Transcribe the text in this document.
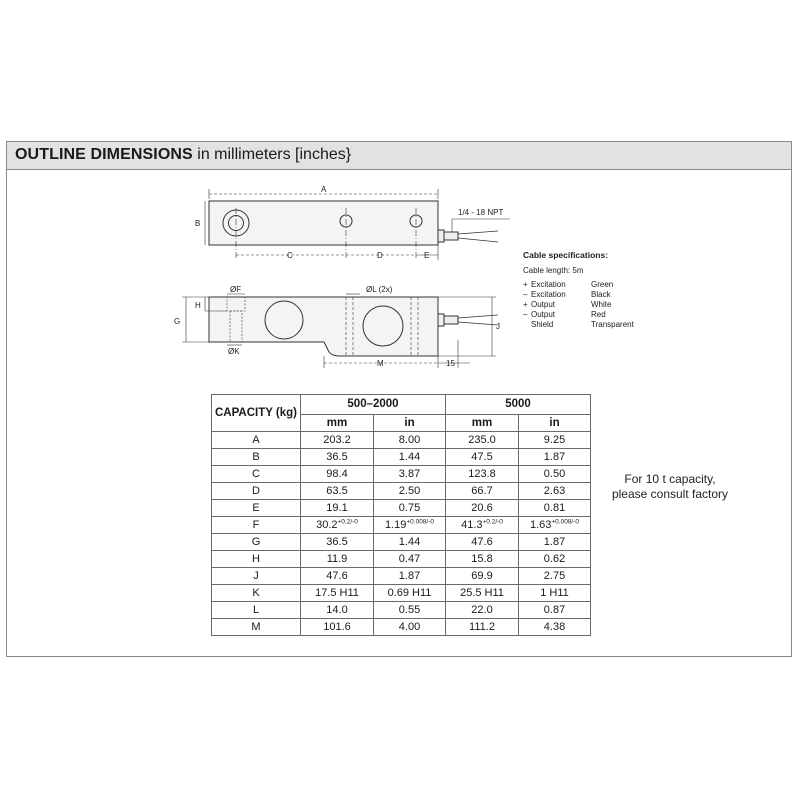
OUTLINE DIMENSIONS in millimeters [inches}
A
B
C	D	E
1/4 - 18 NPT
ØF
G
H
ØL (2x)
ØK
J
M	15
Cable specifications:
Cable length: 5m
+ Excitation	Green
– Excitation	Black
+ Output	White
– Output	Red
Shield	Transparent
CAPACITY (kg)	500–2000		5000	
	mm	in	mm	in
A	203.2	8.00	235.0	9.25
B	36.5	1.44	47.5	1.87
C	98.4	3.87	123.8	0.50
D	63.5	2.50	66.7	2.63
E	19.1	0.75	20.6	0.81
F	$30.2^{+0.2/-0}$	$1.19^{+0.008/-0}$	$41.3^{+0.2/-0}$	$1.63^{+0.008/-0}$
G	36.5	1.44	47.6	1.87
H	11.9	0.47	15.8	0.62
J	47.6	1.87	69.9	2.75
K	17.5 H11	0.69 H11	25.5 H11	1 H11
L	14.0	0.55	22.0	0.87
M	101.6	4.00	111.2	4.38
For 10 t capacity,
please consult factory
